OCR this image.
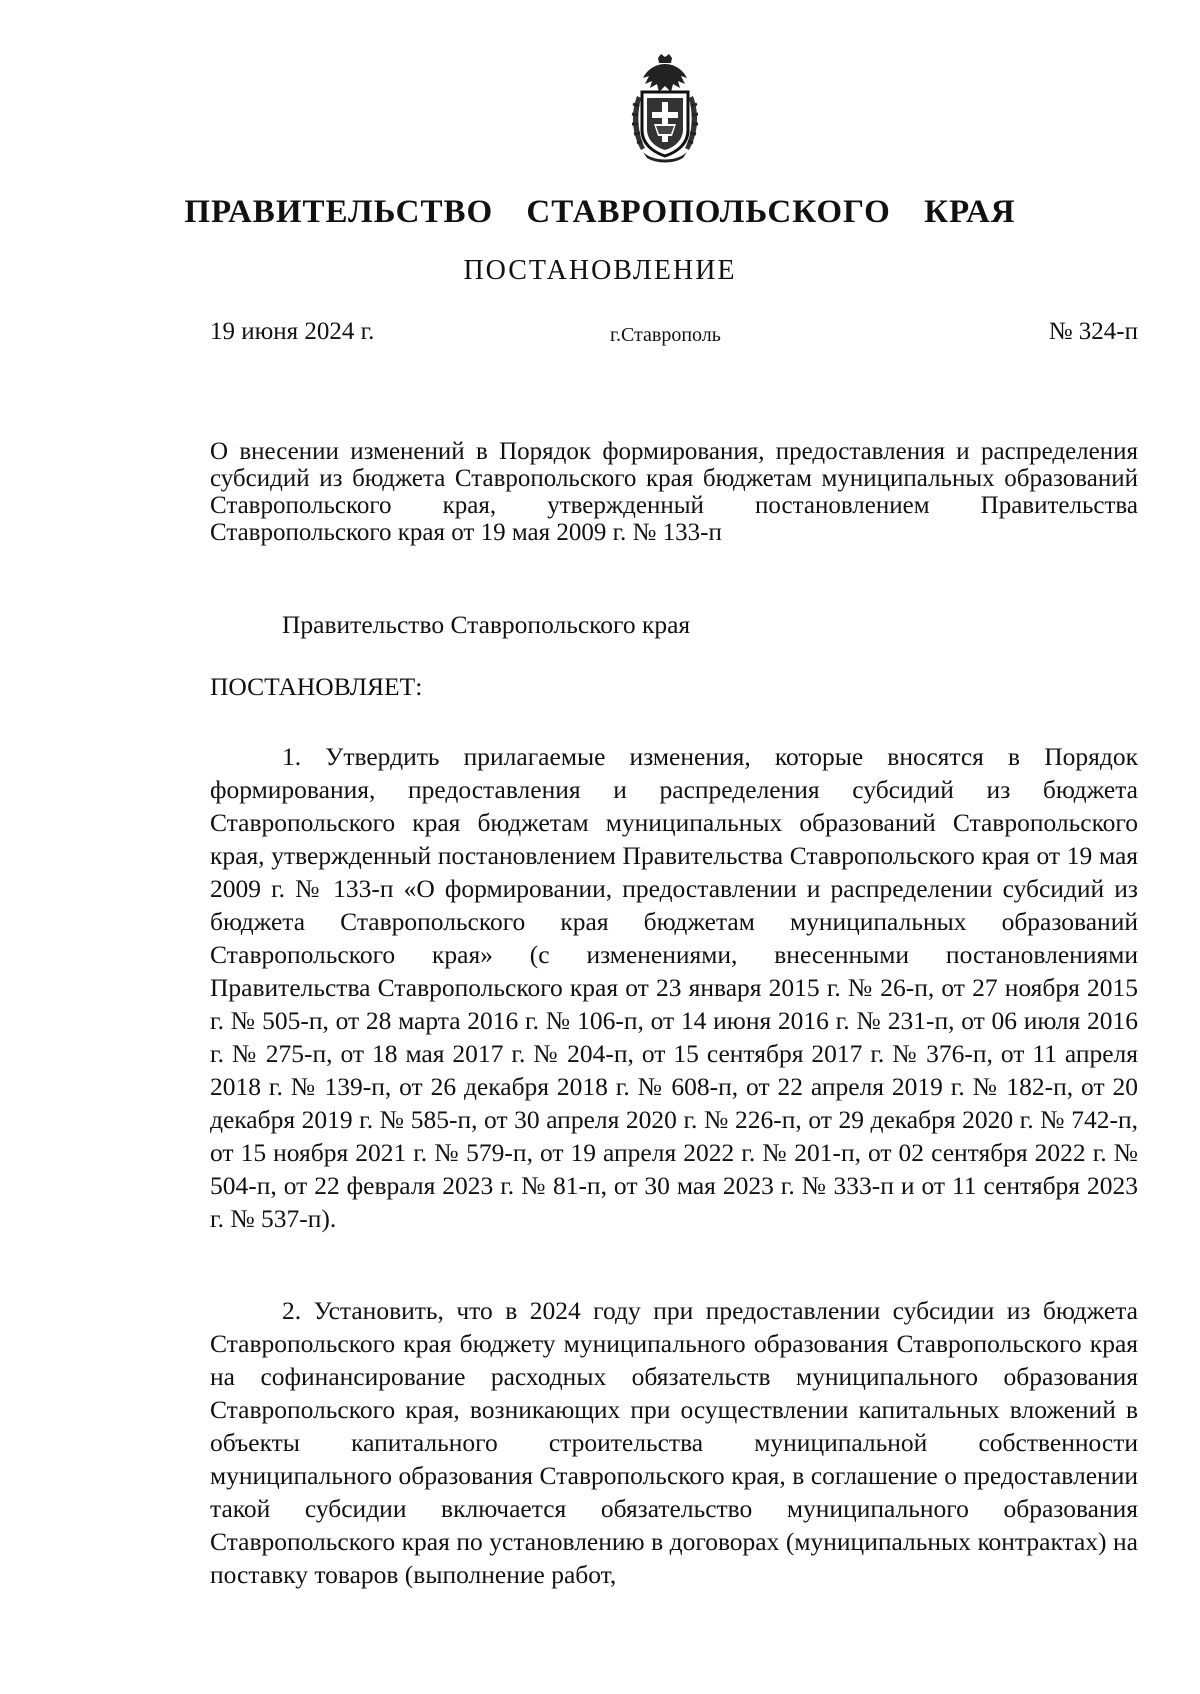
ПРАВИТЕЛЬСТВО СТАВРОПОЛЬСКОГО КРАЯ
ПОСТАНОВЛЕНИЕ
19 июня 2024 г.	г.Ставрополь	№ 324-п
О внесении изменений в Порядок формирования, предоставления и распределения субсидий из бюджета Ставропольского края бюджетам муниципальных образований Ставропольского края, утвержденный постановлением Правительства Ставропольского края от 19 мая 2009 г. № 133-п
Правительство Ставропольского края
ПОСТАНОВЛЯЕТ:
1. Утвердить прилагаемые изменения, которые вносятся в Порядок формирования, предоставления и распределения субсидий из бюджета Ставропольского края бюджетам муниципальных образований Ставропольского края, утвержденный постановлением Правительства Ставропольского края от 19 мая 2009 г. № 133-п «О формировании, предоставлении и распределении субсидий из бюджета Ставропольского края бюджетам муниципальных образований Ставропольского края» (с изменениями, внесенными постановлениями Правительства Ставропольского края от 23 января 2015 г. № 26-п, от 27 ноября 2015 г. № 505-п, от 28 марта 2016 г. № 106-п, от 14 июня 2016 г. № 231-п, от 06 июля 2016 г. № 275-п, от 18 мая 2017 г. № 204-п, от 15 сентября 2017 г. № 376-п, от 11 апреля 2018 г. № 139-п, от 26 декабря 2018 г. № 608-п, от 22 апреля 2019 г. № 182-п, от 20 декабря 2019 г. № 585-п, от 30 апреля 2020 г. № 226-п, от 29 декабря 2020 г. № 742-п, от 15 ноября 2021 г. № 579-п, от 19 апреля 2022 г. № 201-п, от 02 сентября 2022 г. № 504-п, от 22 февраля 2023 г. № 81-п, от 30 мая 2023 г. № 333-п и от 11 сентября 2023 г. № 537-п).
2. Установить, что в 2024 году при предоставлении субсидии из бюджета Ставропольского края бюджету муниципального образования Ставропольского края на софинансирование расходных обязательств муниципального образования Ставропольского края, возникающих при осуществлении капитальных вложений в объекты капитального строительства муниципальной собственности муниципального образования Ставропольского края, в соглашение о предоставлении такой субсидии включается обязательство муниципального образования Ставропольского края по установлению в договорах (муниципальных контрактах) на поставку товаров (выполнение работ,
